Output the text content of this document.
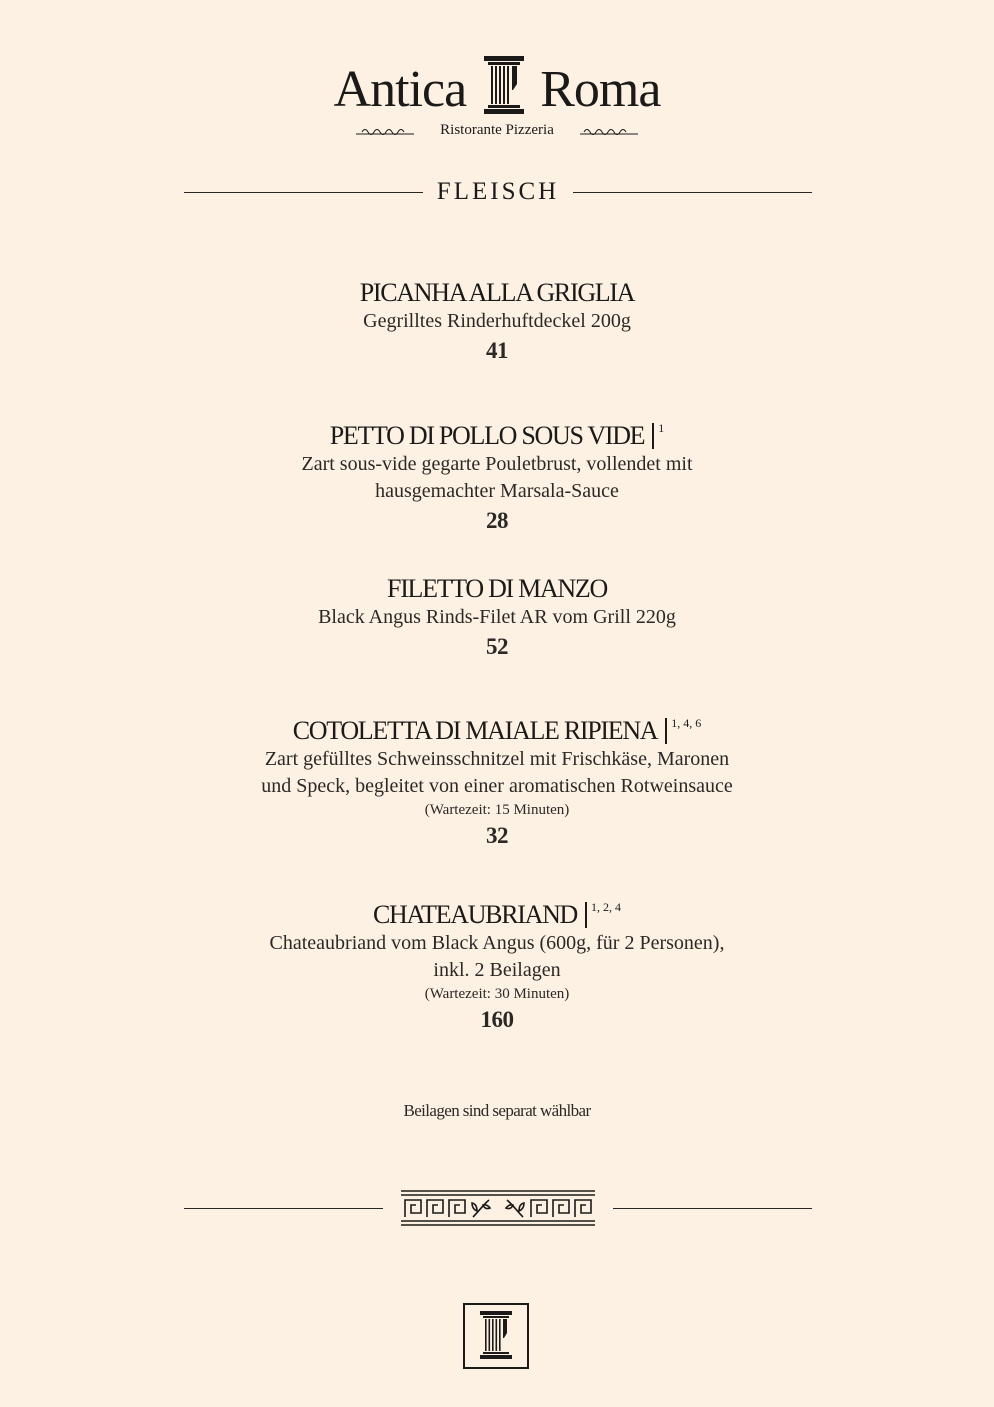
Antica Roma
Ristorante Pizzeria
FLEISCH
PICANHA ALLA GRIGLIA
Gegrilltes Rinderhuftdeckel 200g
41
PETTO DI POLLO SOUS VIDE $^1$
Zart sous-vide gegarte Pouletbrust, vollendet mit
hausgemachter Marsala-Sauce
28
FILETTO DI MANZO
Black Angus Rinds-Filet AR vom Grill 220g
52
COTOLETTA DI MAIALE RIPIENA $^{1, 4, 6}$
Zart gefülltes Schweinsschnitzel mit Frischkäse, Maronen
und Speck, begleitet von einer aromatischen Rotweinsauce
(Wartezeit: 15 Minuten)
32
CHATEAUBRIAND $^{1, 2, 4}$
Chateaubriand vom Black Angus (600g, für 2 Personen),
inkl. 2 Beilagen
(Wartezeit: 30 Minuten)
160
Beilagen sind separat wählbar
